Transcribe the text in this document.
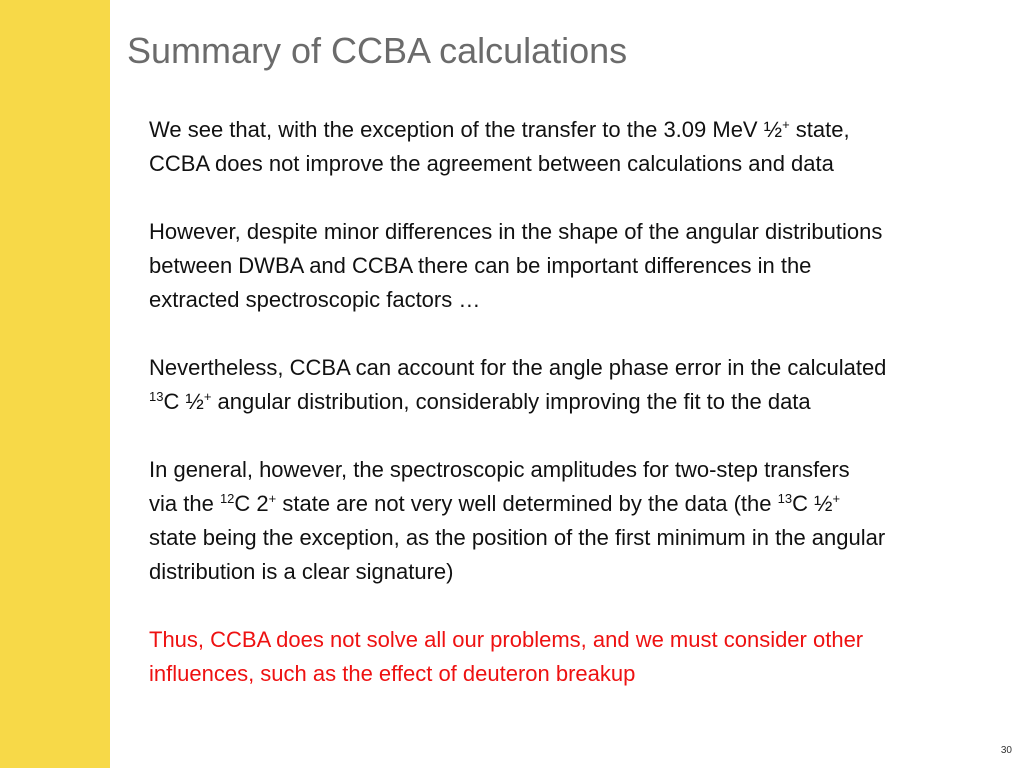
Summary of CCBA calculations
We see that, with the exception of the transfer to the 3.09 MeV ½+ state,
CCBA does not improve the agreement between calculations and data
However, despite minor differences in the shape of the angular distributions
between DWBA and CCBA there can be important differences in the
extracted spectroscopic factors …
Nevertheless, CCBA can account for the angle phase error in the calculated
$^{13}$C ½+ angular distribution, considerably improving the fit to the data
In general, however, the spectroscopic amplitudes for two-step transfers
via the $^{12}$C 2+ state are not very well determined by the data (the $^{13}$C ½+
state being the exception, as the position of the first minimum in the angular
distribution is a clear signature)
Thus, CCBA does not solve all our problems, and we must consider other
influences, such as the effect of deuteron breakup
30
